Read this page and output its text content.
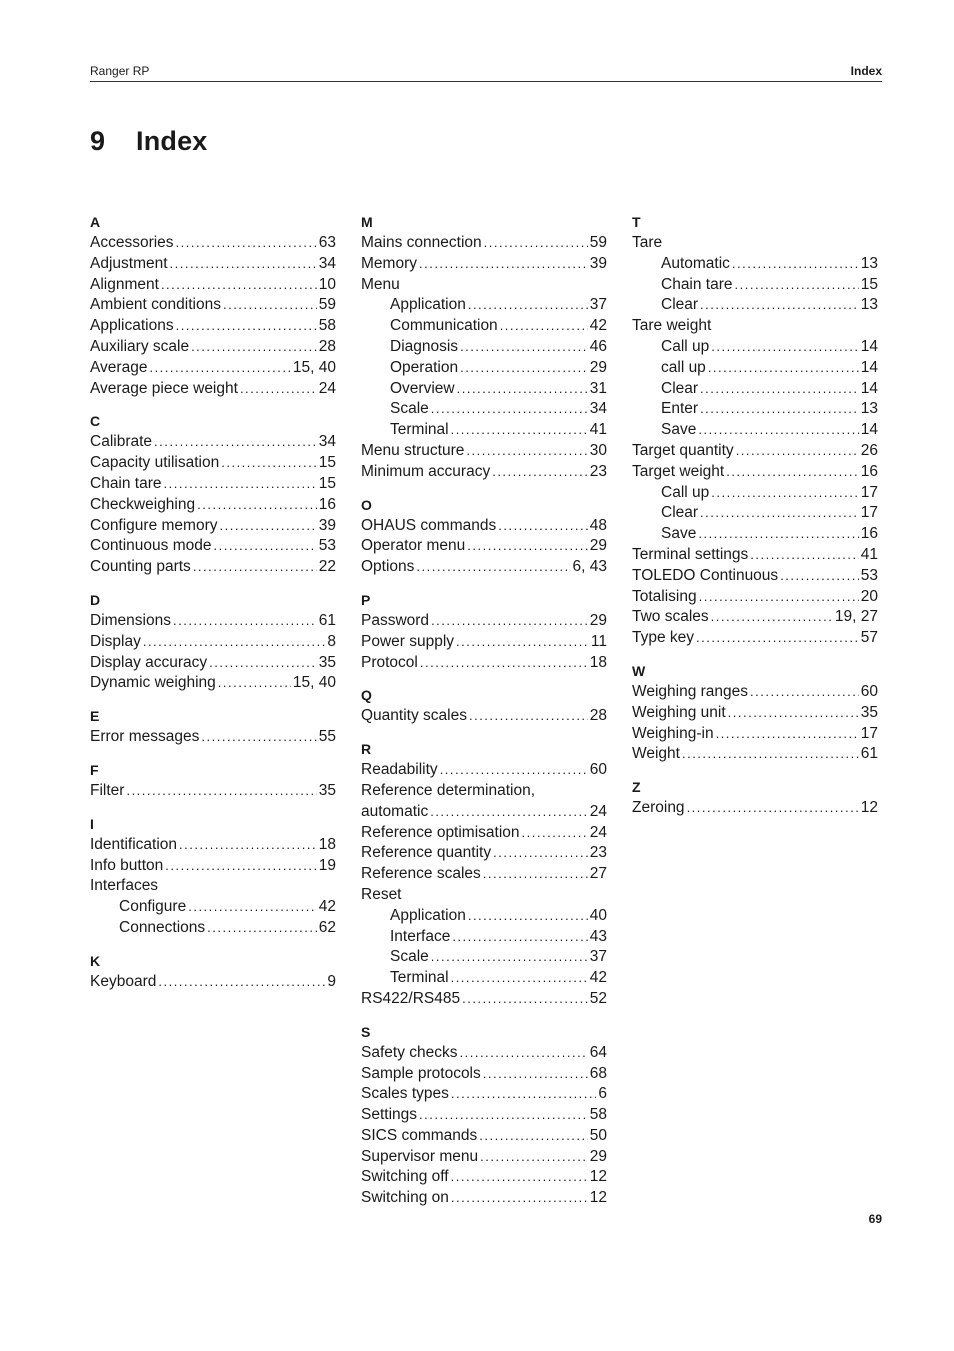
Ranger RP	Index
9 Index
A
Accessories .....	63
Adjustment .....	34
Alignment .....	10
Ambient conditions .....	59
Applications .....	58
Auxiliary scale .....	28
Average .....	15, 40
Average piece weight .....	24
C
Calibrate .....	34
Capacity utilisation .....	15
Chain tare .....	15
Checkweighing .....	16
Configure memory .....	39
Continuous mode .....	53
Counting parts .....	22
D
Dimensions .....	61
Display .....	8
Display accuracy .....	35
Dynamic weighing .....	15, 40
E
Error messages .....	55
F
Filter .....	35
I
Identification .....	18
Info button .....	19
Interfaces
Configure .....	42
Connections .....	62
K
Keyboard .....	9
M
Mains connection .....	59
Memory .....	39
Menu
Application .....	37
Communication .....	42
Diagnosis .....	46
Operation .....	29
Overview .....	31
Scale .....	34
Terminal .....	41
Menu structure .....	30
Minimum accuracy .....	23
O
OHAUS commands .....	48
Operator menu .....	29
Options .....	6, 43
P
Password .....	29
Power supply .....	11
Protocol .....	18
Q
Quantity scales .....	28
R
Readability .....	60
Reference determination,
automatic .....	24
Reference optimisation .....	24
Reference quantity .....	23
Reference scales .....	27
Reset
Application .....	40
Interface .....	43
Scale .....	37
Terminal .....	42
RS422/RS485 .....	52
S
Safety checks .....	64
Sample protocols .....	68
Scales types .....	6
Settings .....	58
SICS commands .....	50
Supervisor menu .....	29
Switching off .....	12
Switching on .....	12
T
Tare
Automatic .....	13
Chain tare .....	15
Clear .....	13
Tare weight
Call up .....	14
call up .....	14
Clear .....	14
Enter .....	13
Save .....	14
Target quantity .....	26
Target weight .....	16
Call up .....	17
Clear .....	17
Save .....	16
Terminal settings .....	41
TOLEDO Continuous .....	53
Totalising .....	20
Two scales .....	19, 27
Type key .....	57
W
Weighing ranges .....	60
Weighing unit .....	35
Weighing-in .....	17
Weight .....	61
Z
Zeroing .....	12
69
